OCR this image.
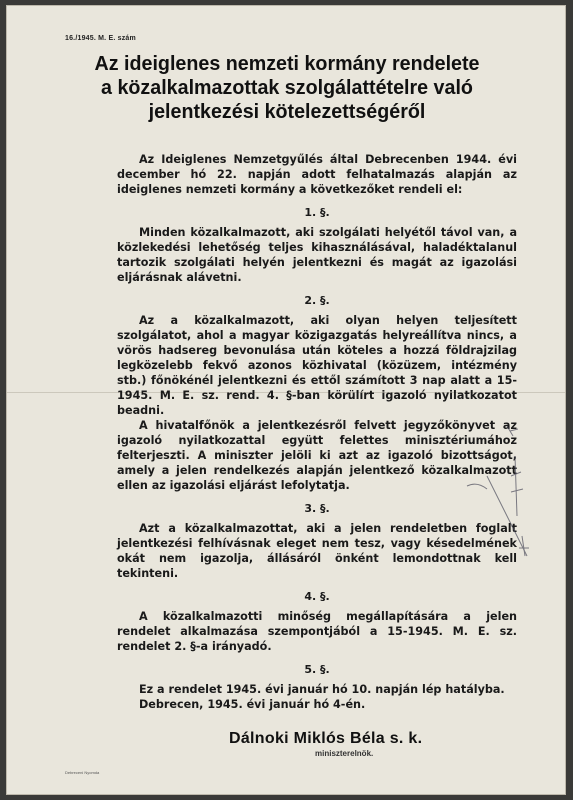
16./1945. M. E. szám
Az ideiglenes nemzeti kormány rendelete
a közalkalmazottak szolgálattételre való
jelentkezési kötelezettségéről

Az Ideiglenes Nemzetgyűlés által Debrecenben 1944. évi december hó 22. napján adott felhatalmazás alapján az ideiglenes nemzeti kormány a következőket rendeli el:

1. §.

Minden közalkalmazott, aki szolgálati helyétől távol van, a közlekedési lehetőség teljes kihasználásával, haladéktalanul tartozik szolgálati helyén jelentkezni és magát az igazolási eljárásnak alávetni.

2. §.

Az a közalkalmazott, aki olyan helyen teljesített szolgálatot, ahol a magyar közigazgatás helyreállítva nincs, a vörös hadsereg bevonulása után köteles a hozzá földrajzilag legközelebb fekvő azonos közhivatal (közüzem, intézmény stb.) főnökénél jelentkezni és ettől számított 3 nap alatt a 15-1945. M. E. sz. rend. 4. §-ban körülírt igazoló nyilatkozatot beadni.

A hivatalfőnök a jelentkezésről felvett jegyzőkönyvet az igazoló nyilatkozattal együtt felettes minisztériumához felterjeszti. A miniszter jelöli ki azt az igazoló bizottságot, amely a jelen rendelkezés alapján jelentkező közalkalmazott ellen az igazolási eljárást lefolytatja.

3. §.

Azt a közalkalmazottat, aki a jelen rendeletben foglalt jelentkezési felhívásnak eleget nem tesz, vagy késedelmének okát nem igazolja, állásáról önként lemondottnak kell tekinteni.

4. §.

A közalkalmazotti minőség megállapítására a jelen rendelet alkalmazása szempontjából a 15-1945. M. E. sz. rendelet 2. §-a irányadó.

5. §.

Ez a rendelet 1945. évi január hó 10. napján lép hatályba.

Debrecen, 1945. évi január hó 4-én.

Dálnoki Miklós Béla s. k.
miniszterelnök.
Debreceni Nyomda
